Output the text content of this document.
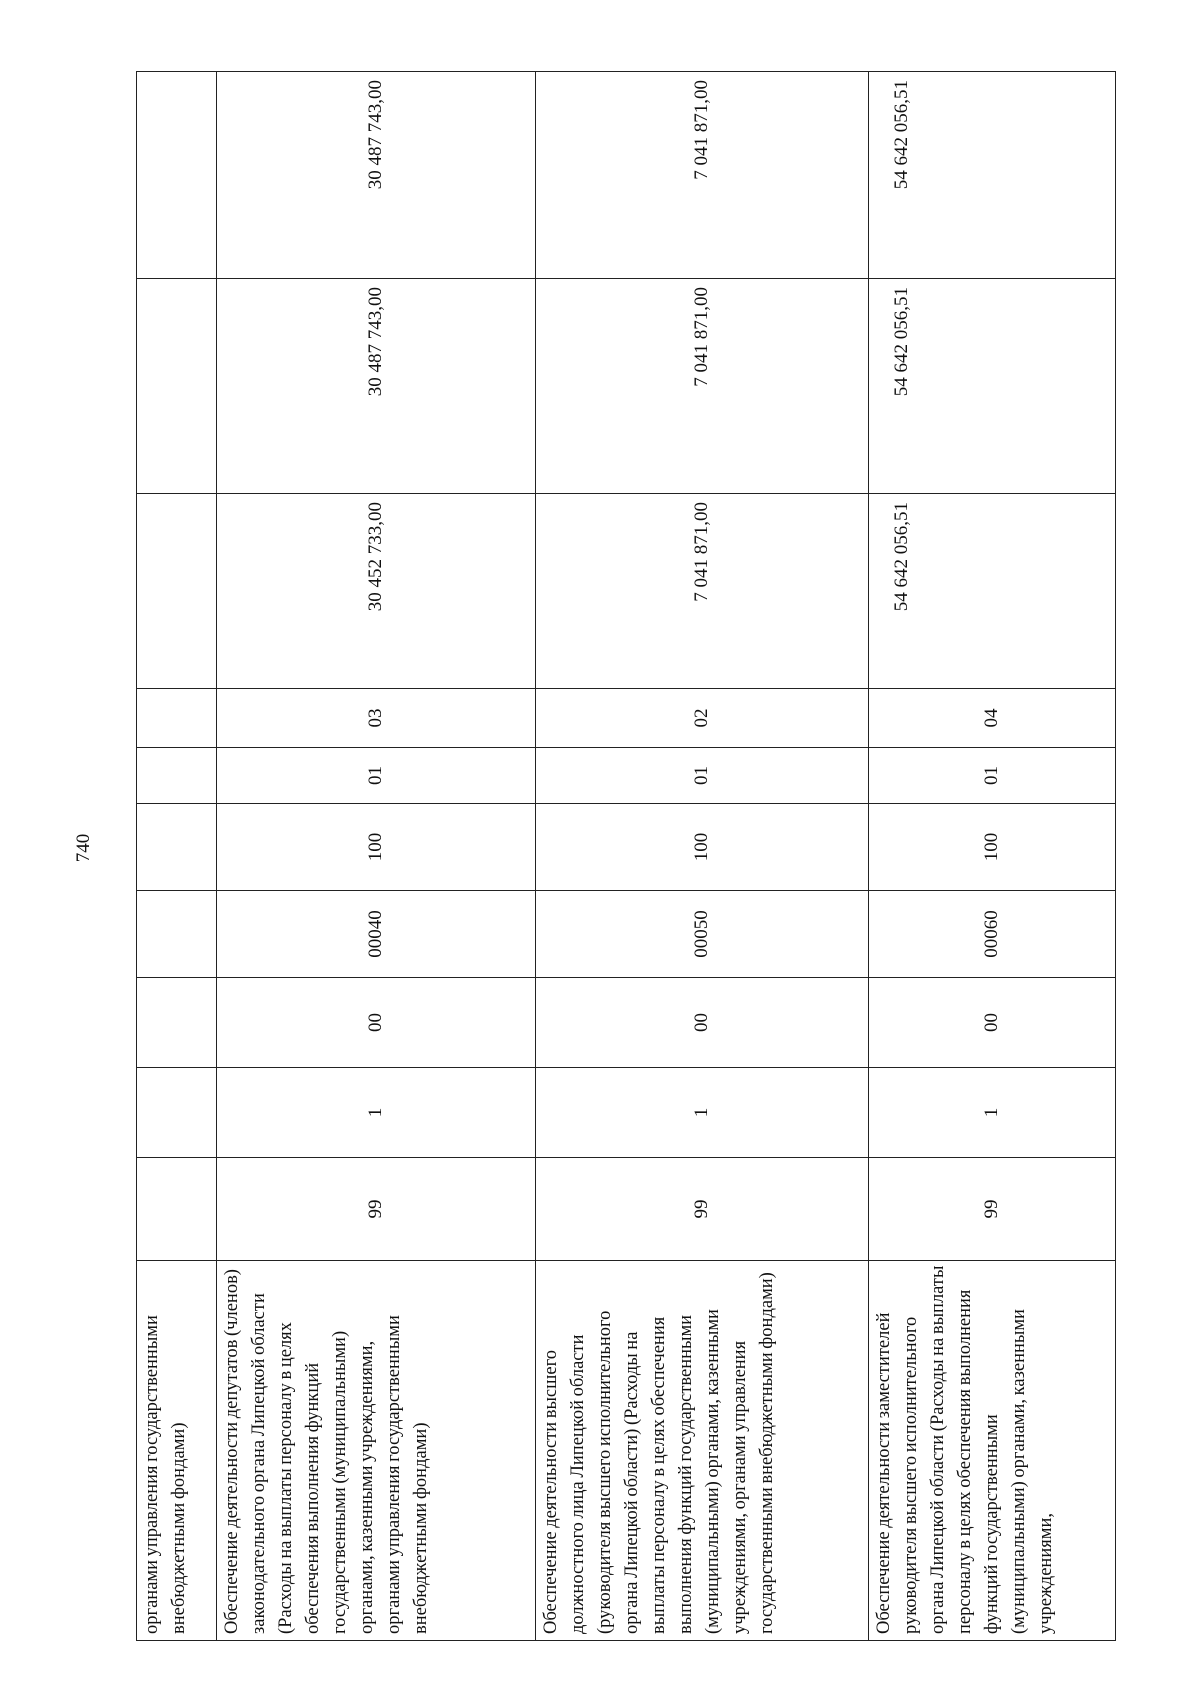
740
органами управления государственными внебюджетными фондами)										
Обеспечение деятельности депутатов (членов) законодательного органа Липецкой области (Расходы на выплаты персоналу в целях обеспечения выполнения функций государственными (муниципальными) органами, казенными учреждениями, органами управления государственными внебюджетными фондами)	99	1	00	00040	100	01	03	30 452 733,00	30 487 743,00	30 487 743,00
Обеспечение деятельности высшего должностного лица Липецкой области (руководителя высшего исполнительного органа Липецкой области) (Расходы на выплаты персоналу в целях обеспечения выполнения функций государственными (муниципальными) органами, казенными учреждениями, органами управления государственными внебюджетными фондами)	99	1	00	00050	100	01	02	7 041 871,00	7 041 871,00	7 041 871,00
Обеспечение деятельности заместителей руководителя высшего исполнительного органа Липецкой области (Расходы на выплаты персоналу в целях обеспечения выполнения функций государственными (муниципальными) органами, казенными учреждениями,	99	1	00	00060	100	01	04	54 642 056,51	54 642 056,51	54 642 056,51
